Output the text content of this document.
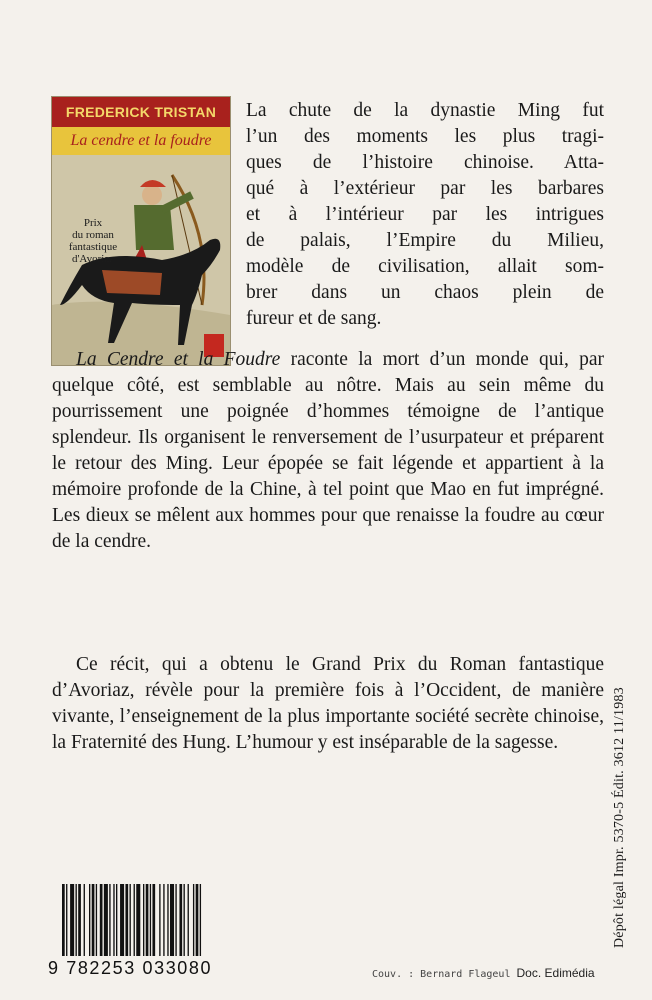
FREDERICK TRISTAN
La cendre et la foudre
Prix
du roman
fantastique
d'Avoriaz
La chute de la dynastie Ming fut
l’un des moments les plus tragi-
ques de l’histoire chinoise. Atta-
qué à l’extérieur par les barbares
et à l’intérieur par les intrigues
de palais, l’Empire du Milieu,
modèle de civilisation, allait som-
brer dans un chaos plein de
fureur et de sang.

La Cendre et la Foudre raconte la mort d’un monde qui, par quelque côté, est semblable au nôtre. Mais au sein même du pourrissement une poignée d’hommes témoigne de l’antique splendeur. Ils organisent le renversement de l’usurpateur et préparent le retour des Ming. Leur épopée se fait légende et appartient à la mémoire profonde de la Chine, à tel point que Mao en fut imprégné. Les dieux se mêlent aux hommes pour que renaisse la foudre au cœur de la cendre.

Ce récit, qui a obtenu le Grand Prix du Roman fantastique d’Avoriaz, révèle pour la première fois à l’Occident, de manière vivante, l’enseignement de la plus importante société secrète chinoise, la Fraternité des Hung. L’humour y est inséparable de la sagesse.	Dépôt légal Impr. 5370-5 Édit. 3612 11/1983
9 782253 033080	Couv. : Bernard Flageul Doc. Edimédia
